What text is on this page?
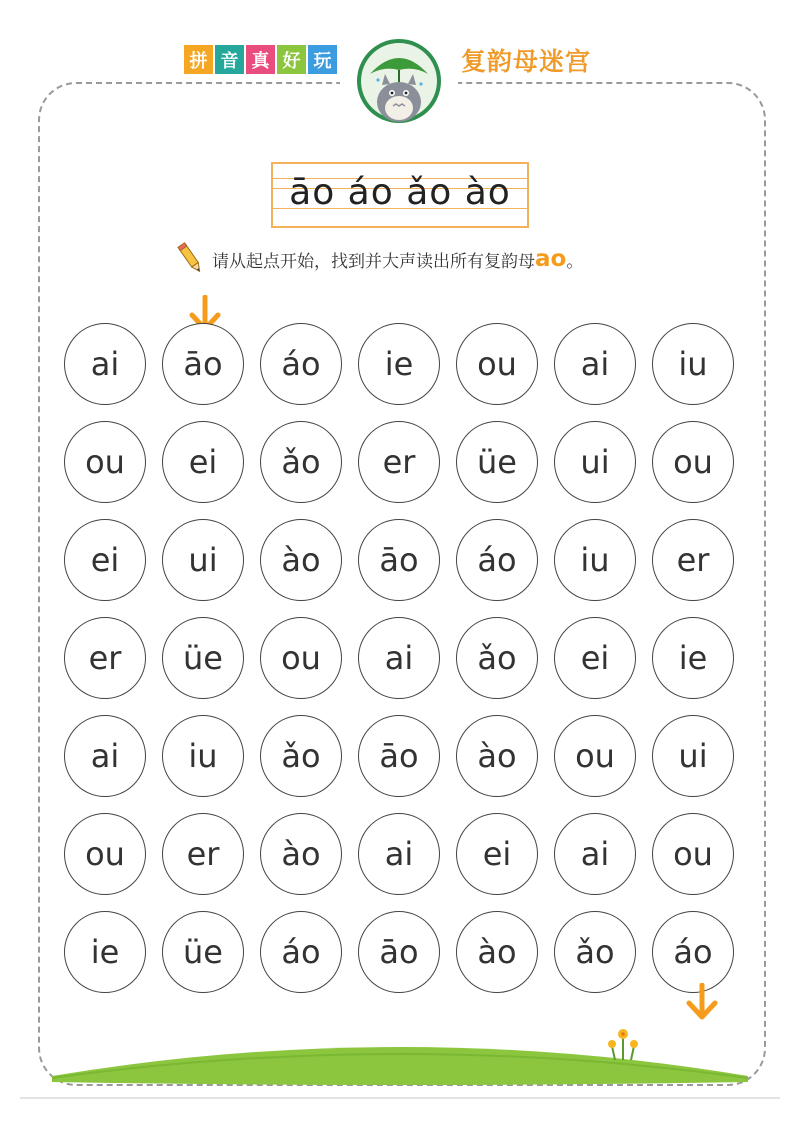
拼 音 真 好 玩	复韵母迷宫
āo áo ǎo ào
请从起点开始，找到并大声读出所有复韵母 ao 。
ai	āo	áo	ie	ou	ai	iu
ou	ei	ǎo	er	üe	ui	ou
ei	ui	ào	āo	áo	iu	er
er	üe	ou	ai	ǎo	ei	ie
ai	iu	ǎo	āo	ào	ou	ui
ou	er	ào	ai	ei	ai	ou
ie	üe	áo	āo	ào	ǎo	áo
